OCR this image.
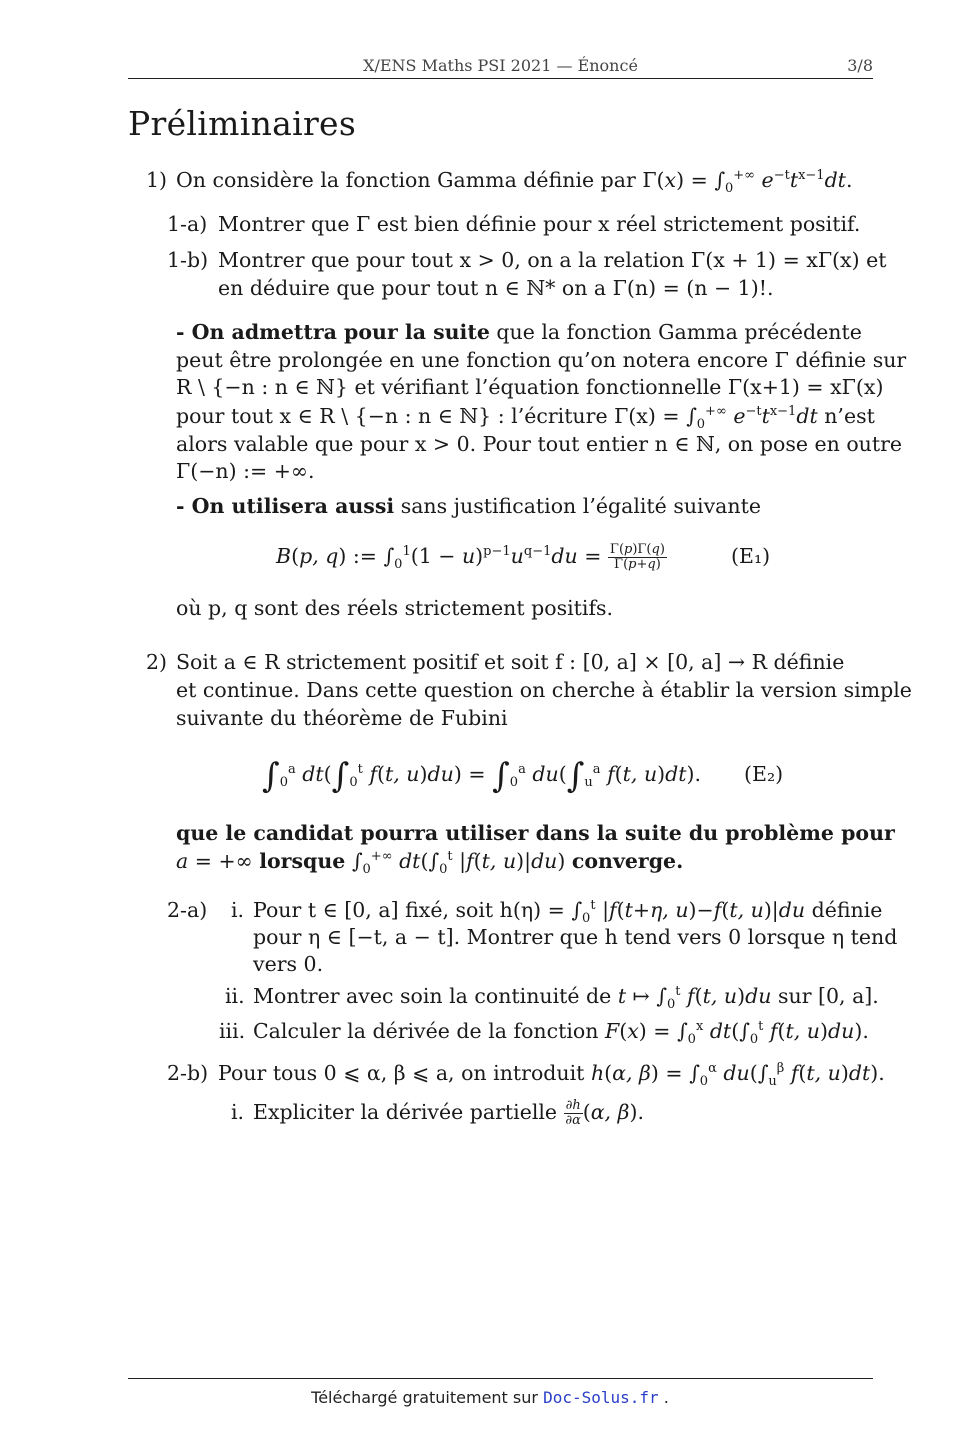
X/ENS Maths PSI 2021 — Énoncé	3/8
Préliminaires
1) On considère la fonction Gamma définie par $\Gamma(x) = \int_0^{+\infty}$ $e^{-t}t^{x-1}dt$.
1-a) Montrer que Γ est bien définie pour x réel strictement positif.
1-b) Montrer que pour tout x > 0, on a la relation Γ(x + 1) = xΓ(x) et
en déduire que pour tout n ∈ ℕ* on a Γ(n) = (n − 1)!.
- On admettra pour la suite que la fonction Gamma précédente
peut être prolongée en une fonction qu’on notera encore Γ définie sur
R \ {−n : n ∈ ℕ} et vérifiant l’équation fonctionnelle Γ(x+1) = xΓ(x)
pour tout x ∈ R \ {−n : n ∈ ℕ} : l’écriture $\Gamma(x) = \int_0^{+\infty}$ $e^{-t}t^{x-1}dt$ n’est
alors valable que pour x > 0. Pour tout entier n ∈ ℕ, on pose en outre
Γ(−n) := +∞.
- On utilisera aussi sans justification l’égalité suivante
B(p, q) := $\int_0^1(1 - u)^{p-1}u^{q-1}du = \frac{\Gamma(p)\Gamma(q)}{\Gamma(p+q)}$	(E₁)
où p, q sont des réels strictement positifs.
2) Soit a ∈ R strictement positif et soit f : [0, a] × [0, a] → R définie
et continue. Dans cette question on cherche à établir la version simple
suivante du théorème de Fubini
$\int_0^a$ $dt(\int_0^t$ f(t, $u)du) = \int_0^a$ $du(\int_u^a$ f(t, u)dt). (E₂)
que le candidat pourra utiliser dans la suite du problème pour
a = +∞ lorsque $\int_0^{+\infty}$ $dt(\int_0^t$ |f(t, u)|du) converge.
2-a) i. Pour t ∈ [0, a] fixé, soit $h(\eta) = \int_0^t$ |f(t+η, u)−f(t, u)|du définie
pour η ∈ [−t, a − t]. Montrer que h tend vers 0 lorsque η tend
vers 0.
ii. Montrer avec soin la continuité de t ↦ $\int_0^t$ f(t, u)du sur [0, a].
iii. Calculer la dérivée de la fonction $F(x) = \int_0^x$ $dt(\int_0^t$ f(t, u)du).
2-b) Pour tous 0 ⩽ α, β ⩽ a, on introduit h(α, $\beta) = \int_0^\alpha$ $du(\int_u^\beta$ f(t, u)dt).
i. Expliciter la dérivée partielle $\frac{\partial h}{\partial\alpha} (\alpha$, β).
Téléchargé gratuitement sur Doc-Solus.fr .
